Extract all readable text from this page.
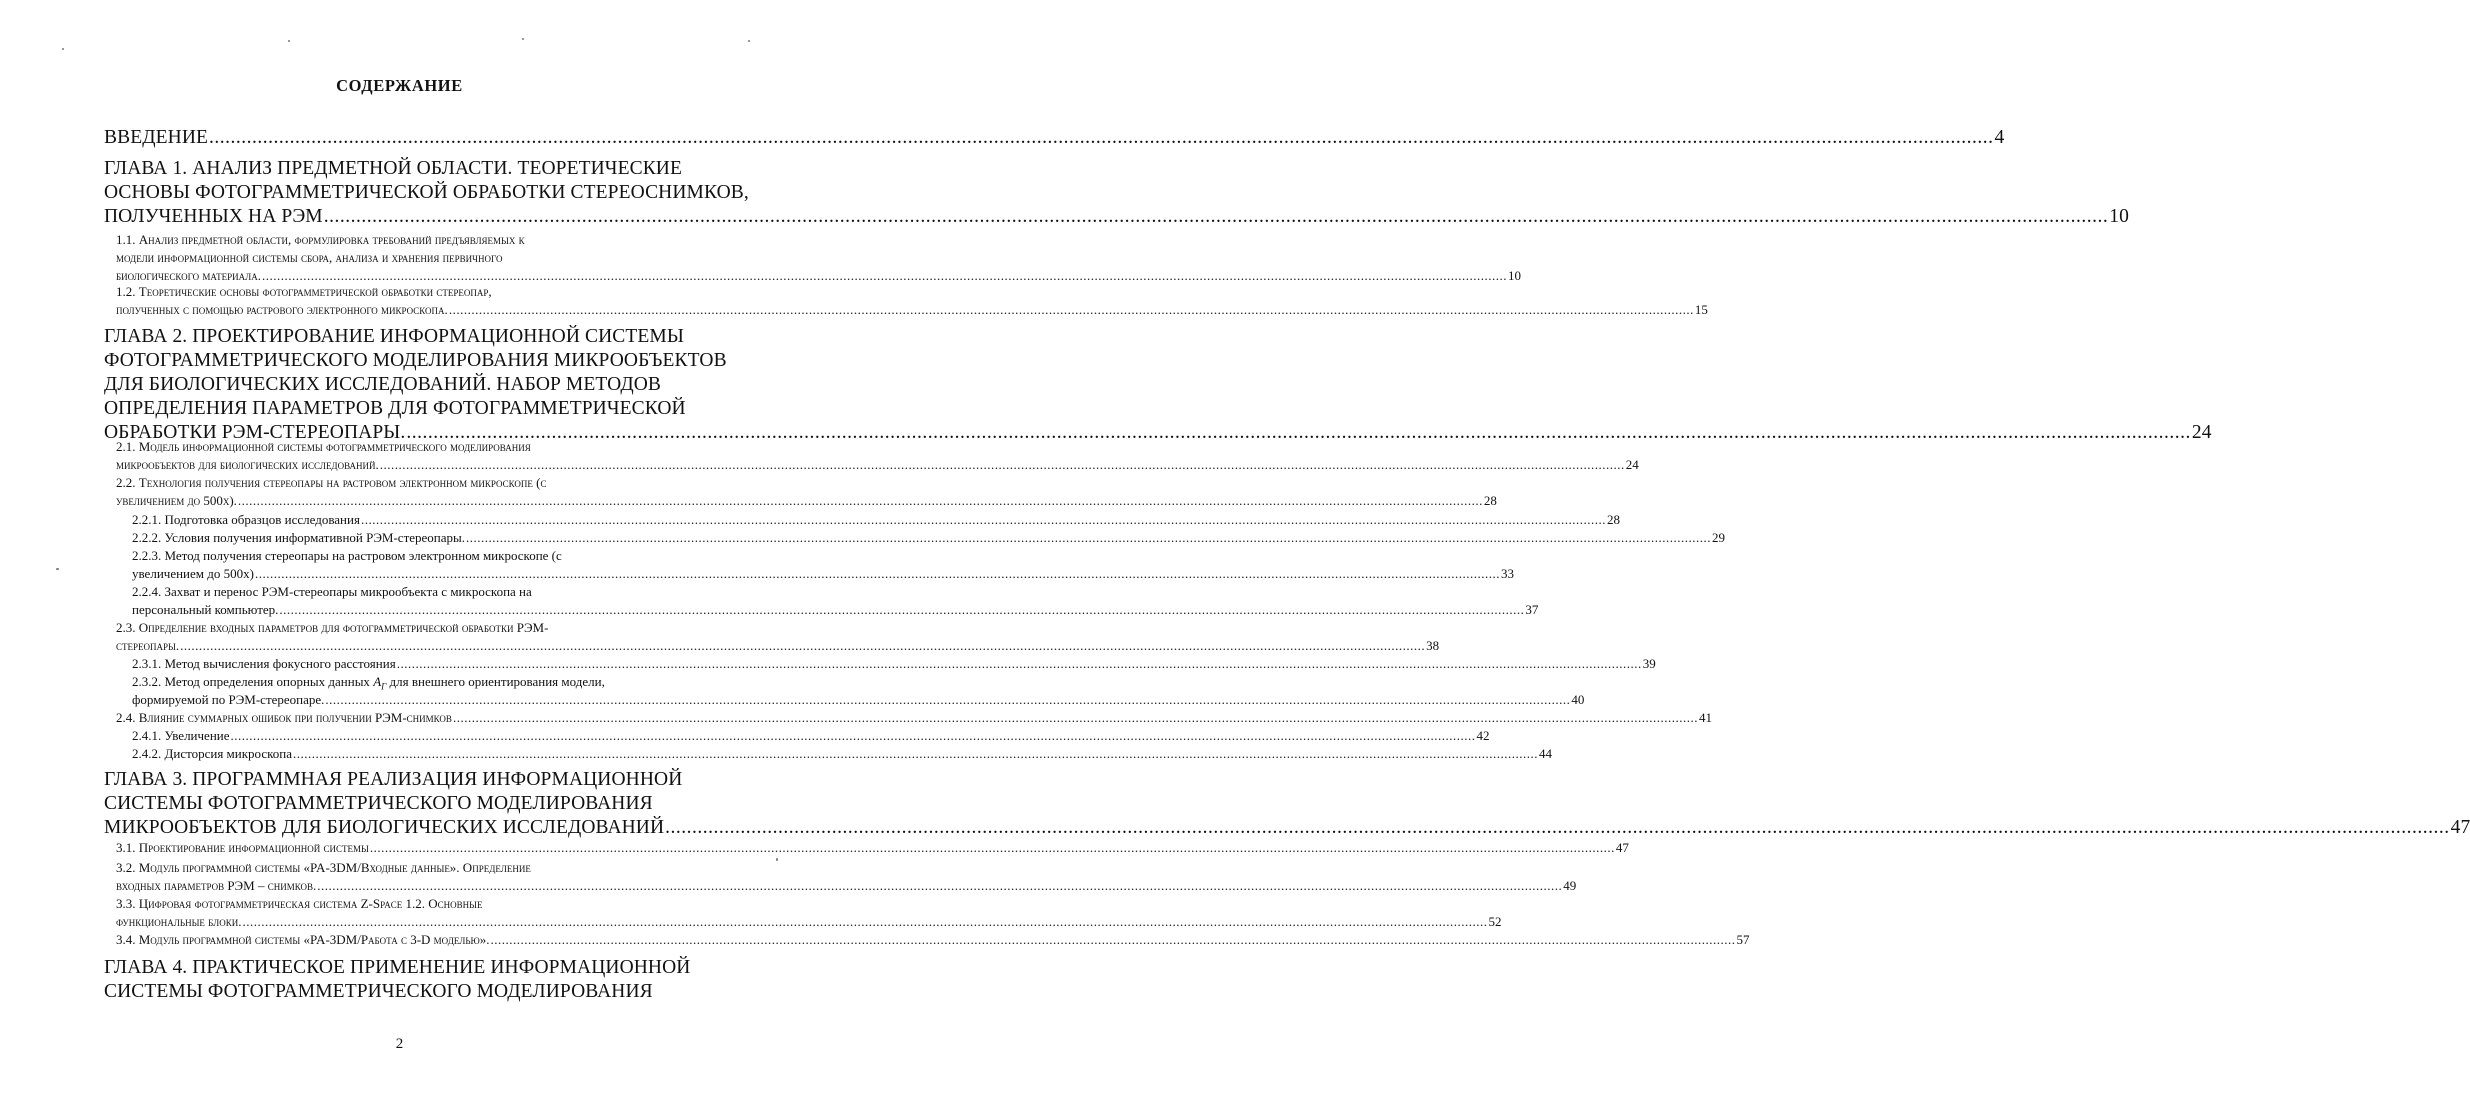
СОДЕРЖАНИЕ
ВВЕДЕНИЕ .....	4
ГЛАВА 1. АНАЛИЗ ПРЕДМЕТНОЙ ОБЛАСТИ. ТЕОРЕТИЧЕСКИЕ
ОСНОВЫ ФОТОГРАММЕТРИЧЕСКОЙ ОБРАБОТКИ СТЕРЕОСНИМКОВ,
ПОЛУЧЕННЫХ НА РЭМ .....	10
1.1. Анализ предметной области, формулировка требований предъявляемых к
модели информационной системы сбора, анализа и хранения первичного
биологического материала. .....	10
1.2. Теоретические основы фотограмметрической обработки стереопар,
полученных с помощью растрового электронного микроскопа. .....	15
ГЛАВА 2. ПРОЕКТИРОВАНИЕ ИНФОРМАЦИОННОЙ СИСТЕМЫ
ФОТОГРАММЕТРИЧЕСКОГО МОДЕЛИРОВАНИЯ МИКРООБЪЕКТОВ
ДЛЯ БИОЛОГИЧЕСКИХ ИССЛЕДОВАНИЙ. НАБОР МЕТОДОВ
ОПРЕДЕЛЕНИЯ ПАРАМЕТРОВ ДЛЯ ФОТОГРАММЕТРИЧЕСКОЙ
ОБРАБОТКИ РЭМ-СТЕРЕОПАРЫ. .....	24
2.1. Модель информационной системы фотограмметрического моделирования
микрообъектов для биологических исследований. .....	24
2.2. Технология получения стереопары на растровом электронном микроскопе (с
увеличением до 500х). .....	28
2.2.1. Подготовка образцов исследования .....	28
2.2.2. Условия получения информативной РЭМ-стереопары. .....	29
2.2.3. Метод получения стереопары на растровом электронном микроскопе (с
увеличением до 500х) .....	33
2.2.4. Захват и перенос РЭМ-стереопары микрообъекта с микроскопа на
персональный компьютер. .....	37
2.3. Определение входных параметров для фотограмметрической обработки РЭМ-
стереопары. .....	38
2.3.1. Метод вычисления фокусного расстояния .....	39
2.3.2. Метод определения опорных данных $A_Г$ для внешнего ориентирования модели,
формируемой по РЭМ-стереопаре. .....	40
2.4. Влияние суммарных ошибок при получении РЭМ-снимков .....	41
2.4.1. Увеличение .....	42
2.4.2. Дисторсия микроскопа .....	44
ГЛАВА 3. ПРОГРАММНАЯ РЕАЛИЗАЦИЯ ИНФОРМАЦИОННОЙ
СИСТЕМЫ ФОТОГРАММЕТРИЧЕСКОГО МОДЕЛИРОВАНИЯ
МИКРООБЪЕКТОВ ДЛЯ БИОЛОГИЧЕСКИХ ИССЛЕДОВАНИЙ .....	47
3.1. Проектирование информационной системы .....	47
3.2. Модуль программной системы «PA-3DM/Входные данные». Определение
входных параметров РЭМ – снимков. .....	49
3.3. Цифровая фотограмметрическая система Z-Space 1.2. Основные
функциональные блоки. .....	52
3.4. Модуль программной системы «PA-3DM/Работа с 3-D моделью». .....	57
ГЛАВА 4. ПРАКТИЧЕСКОЕ ПРИМЕНЕНИЕ ИНФОРМАЦИОННОЙ
СИСТЕМЫ ФОТОГРАММЕТРИЧЕСКОГО МОДЕЛИРОВАНИЯ
2
